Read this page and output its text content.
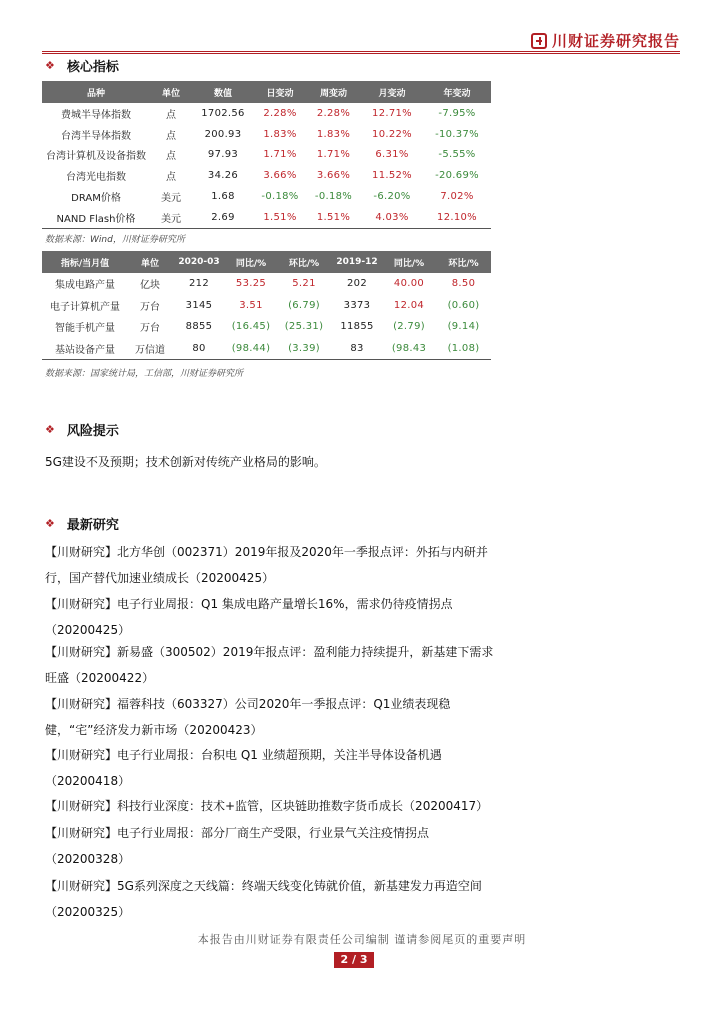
川财证券研究报告
❖ 核心指标
品种	单位	数值	日变动	周变动	月变动	年变动
费城半导体指数	点	1702.56	2.28%	2.28%	12.71%	-7.95%
台湾半导体指数	点	200.93	1.83%	1.83%	10.22%	-10.37%
台湾计算机及设备指数	点	97.93	1.71%	1.71%	6.31%	-5.55%
台湾光电指数	点	34.26	3.66%	3.66%	11.52%	-20.69%
DRAM价格	美元	1.68	-0.18%	-0.18%	-6.20%	7.02%
NAND Flash价格	美元	2.69	1.51%	1.51%	4.03%	12.10%
数据来源：Wind，川财证券研究所
指标/当月值	单位	2020-03	同比/%	环比/%	2019-12	同比/%	环比/%
集成电路产量	亿块	212	53.25	5.21	202	40.00	8.50
电子计算机产量	万台	3145	3.51	(6.79)	3373	12.04	(0.60)
智能手机产量	万台	8855	(16.45)	(25.31)	11855	(2.79)	(9.14)
基站设备产量	万信道	80	(98.44)	(3.39)	83	(98.43	(1.08)
数据来源：国家统计局，工信部，川财证券研究所
❖ 风险提示
5G建设不及预期；技术创新对传统产业格局的影响。
❖ 最新研究
【川财研究】北方华创（002371）2019年报及2020年一季报点评：外拓与内研并行，国产替代加速业绩成长（20200425）
【川财研究】电子行业周报：Q1 集成电路产量增长16%，需求仍待疫情拐点（20200425）
【川财研究】新易盛（300502）2019年报点评：盈利能力持续提升，新基建下需求旺盛（20200422）
【川财研究】福蓉科技（603327）公司2020年一季报点评：Q1业绩表现稳健，“宅”经济发力新市场（20200423）
【川财研究】电子行业周报：台积电 Q1 业绩超预期，关注半导体设备机遇（20200418）
【川财研究】科技行业深度：技术+监管，区块链助推数字货币成长（20200417）
【川财研究】电子行业周报：部分厂商生产受限，行业景气关注疫情拐点（20200328）
【川财研究】5G系列深度之天线篇：终端天线变化铸就价值，新基建发力再造空间（20200325）
本报告由川财证券有限责任公司编制 谨请参阅尾页的重要声明
2 / 3
